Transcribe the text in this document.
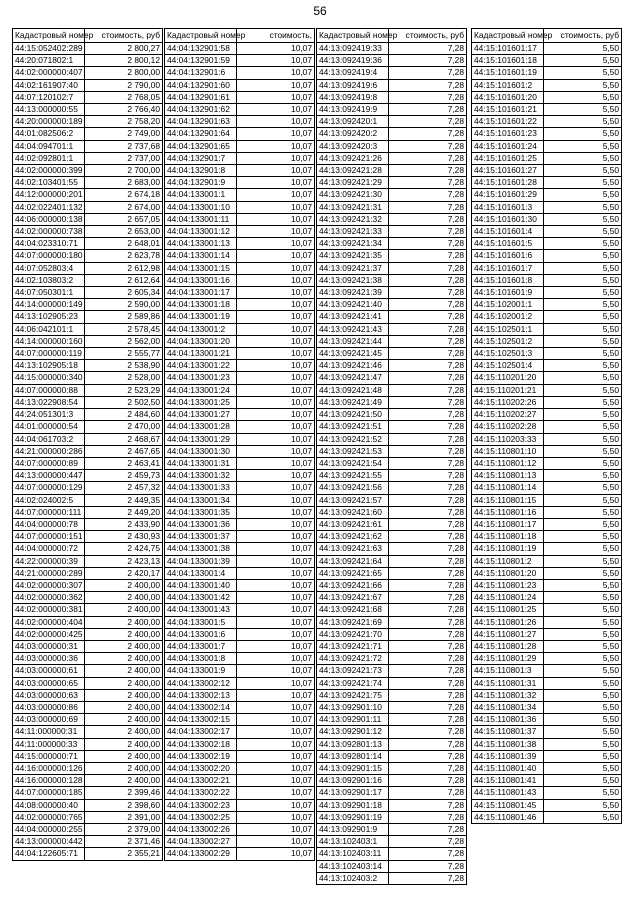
56
Кадастровый номер	стоимость, руб
44:15:052402:289	2 800,27
44:20:071802:1	2 800,12
44:02:000000:407	2 800,00
44:02:161907:40	2 790,00
44:07:120102:7	2 768,05
44:13:000000:55	2 766,40
44:20:000000:189	2 758,20
44:01:082506:2	2 749,00
44:04:094701:1	2 737,68
44:02:092801:1	2 737,00
44:02:000000:399	2 700,00
44:02:103401:55	2 683,00
44:12:000000:201	2 674,18
44:02:022401:132	2 674,00
44:06:000000:138	2 657,05
44:02:000000:738	2 653,00
44:04:023310:71	2 648,01
44:07:000000:180	2 623,78
44:07:052803:4	2 612,98
44:02:103803:2	2 612,64
44:07:050301:1	2 605,34
44:14:000000:149	2 590,00
44:13:102905:23	2 589,86
44:06:042101:1	2 578,45
44:14:000000:160	2 562,00
44:07:000000:119	2 555,77
44:13:102905:18	2 538,90
44:15:000000:340	2 528,00
44:07:000000:88	2 523,29
44:13:022908:54	2 502,50
44:24:051301:3	2 484,60
44:01:000000:54	2 470,00
44:04:061703:2	2 468,67
44:21:000000:286	2 467,65
44:07:000000:89	2 463,41
44:13:000000:447	2 459,73
44:07:000000:129	2 457,32
44:02:024002:5	2 449,35
44:07:000000:111	2 449,20
44:04:000000:78	2 433,90
44:07:000000:151	2 430,93
44:04:000000:72	2 424,75
44:22:000000:39	2 423,13
44:21:000000:289	2 420,17
44:02:000000:307	2 400,00
44:02:000000:362	2 400,00
44:02:000000:381	2 400,00
44:02:000000:404	2 400,00
44:02:000000:425	2 400,00
44:03:000000:31	2 400,00
44:03:000000:36	2 400,00
44:03:000000:61	2 400,00
44:03:000000:65	2 400,00
44:03:000000:63	2 400,00
44:03:000000:86	2 400,00
44:03:000000:69	2 400,00
44:11:000000:31	2 400,00
44:11:000000:33	2 400,00
44:15:000000:71	2 400,00
44:16:000000:126	2 400,00
44:16:000000:128	2 400,00
44:07:000000:185	2 399,46
44:08:000000:40	2 398,60
44:02:000000:765	2 391,00
44:04:000000:255	2 379,00
44:13:000000:442	2 371,46
44:04:122605:71	2 355,21
Кадастровый номер	стоимость,
44:04:132901:58	10,07
44:04:132901:59	10,07
44:04:132901:6	10,07
44:04:132901:60	10,07
44:04:132901:61	10,07
44:04:132901:62	10,07
44:04:132901:63	10,07
44:04:132901:64	10,07
44:04:132901:65	10,07
44:04:132901:7	10,07
44:04:132901:8	10,07
44:04:132901:9	10,07
44:04:133001:1	10,07
44:04:133001:10	10,07
44:04:133001:11	10,07
44:04:133001:12	10,07
44:04:133001:13	10,07
44:04:133001:14	10,07
44:04:133001:15	10,07
44:04:133001:16	10,07
44:04:133001:17	10,07
44:04:133001:18	10,07
44:04:133001:19	10,07
44:04:133001:2	10,07
44:04:133001:20	10,07
44:04:133001:21	10,07
44:04:133001:22	10,07
44:04:133001:23	10,07
44:04:133001:24	10,07
44:04:133001:25	10,07
44:04:133001:27	10,07
44:04:133001:28	10,07
44:04:133001:29	10,07
44:04:133001:30	10,07
44:04:133001:31	10,07
44:04:133001:32	10,07
44:04:133001:33	10,07
44:04:133001:34	10,07
44:04:133001:35	10,07
44:04:133001:36	10,07
44:04:133001:37	10,07
44:04:133001:38	10,07
44:04:133001:39	10,07
44:04:133001:4	10,07
44:04:133001:40	10,07
44:04:133001:42	10,07
44:04:133001:43	10,07
44:04:133001:5	10,07
44:04:133001:6	10,07
44:04:133001:7	10,07
44:04:133001:8	10,07
44:04:133001:9	10,07
44:04:133002:12	10,07
44:04:133002:13	10,07
44:04:133002:14	10,07
44:04:133002:15	10,07
44:04:133002:17	10,07
44:04:133002:18	10,07
44:04:133002:19	10,07
44:04:133002:20	10,07
44:04:133002:21	10,07
44:04:133002:22	10,07
44:04:133002:23	10,07
44:04:133002:25	10,07
44:04:133002:26	10,07
44:04:133002:27	10,07
44:04:133002:29	10,07
Кадастровый номер	стоимость, руб
44:13:092419:33	7,28
44:13:092419:36	7,28
44:13:092419:4	7,28
44:13:092419:6	7,28
44:13:092419:8	7,28
44:13:092419:9	7,28
44:13:092420:1	7,28
44:13:092420:2	7,28
44:13:092420:3	7,28
44:13:092421:26	7,28
44:13:092421:28	7,28
44:13:092421:29	7,28
44:13:092421:30	7,28
44:13:092421:31	7,28
44:13:092421:32	7,28
44:13:092421:33	7,28
44:13:092421:34	7,28
44:13:092421:35	7,28
44:13:092421:37	7,28
44:13:092421:38	7,28
44:13:092421:39	7,28
44:13:092421:40	7,28
44:13:092421:41	7,28
44:13:092421:43	7,28
44:13:092421:44	7,28
44:13:092421:45	7,28
44:13:092421:46	7,28
44:13:092421:47	7,28
44:13:092421:48	7,28
44:13:092421:49	7,28
44:13:092421:50	7,28
44:13:092421:51	7,28
44:13:092421:52	7,28
44:13:092421:53	7,28
44:13:092421:54	7,28
44:13:092421:55	7,28
44:13:092421:56	7,28
44:13:092421:57	7,28
44:13:092421:60	7,28
44:13:092421:61	7,28
44:13:092421:62	7,28
44:13:092421:63	7,28
44:13:092421:64	7,28
44:13:092421:65	7,28
44:13:092421:66	7,28
44:13:092421:67	7,28
44:13:092421:68	7,28
44:13:092421:69	7,28
44:13:092421:70	7,28
44:13:092421:71	7,28
44:13:092421:72	7,28
44:13:092421:73	7,28
44:13:092421:74	7,28
44:13:092421:75	7,28
44:13:092901:10	7,28
44:13:092901:11	7,28
44:13:092901:12	7,28
44:13:092801:13	7,28
44:13:092801:14	7,28
44:13:092901:15	7,28
44:13:092901:16	7,28
44:13:092901:17	7,28
44:13:092901:18	7,28
44:13:092901:19	7,28
44:13:092901:9	7,28
44:13:102403:1	7,28
44:13:102403:11	7,28
44:13:102403:14	7,28
44:13:102403:2	7,28
Кадастровый номер	стоимость, руб
44:15:101601:17	5,50
44:15:101601:18	5,50
44:15:101601:19	5,50
44:15:101601:2	5,50
44:15:101601:20	5,50
44:15:101601:21	5,50
44:15:101601:22	5,50
44:15:101601:23	5,50
44:15:101601:24	5,50
44:15:101601:25	5,50
44:15:101601:27	5,50
44:15:101601:28	5,50
44:15:101601:29	5,50
44:15:101601:3	5,50
44:15:101601:30	5,50
44:15:101601:4	5,50
44:15:101601:5	5,50
44:15:101601:6	5,50
44:15:101601:7	5,50
44:15:101601:8	5,50
44:15:101601:9	5,50
44:15:102001:1	5,50
44:15:102001:2	5,50
44:15:102501:1	5,50
44:15:102501:2	5,50
44:15:102501:3	5,50
44:15:102501:4	5,50
44:15:110201:20	5,50
44:15:110201:21	5,50
44:15:110202:26	5,50
44:15:110202:27	5,50
44:15:110202:28	5,50
44:15:110203:33	5,50
44:15:110801:10	5,50
44:15:110801:12	5,50
44:15:110801:13	5,50
44:15:110801:14	5,50
44:15:110801:15	5,50
44:15:110801:16	5,50
44:15:110801:17	5,50
44:15:110801:18	5,50
44:15:110801:19	5,50
44:15:110801:2	5,50
44:15:110801:20	5,50
44:15:110801:23	5,50
44:15:110801:24	5,50
44:15:110801:25	5,50
44:15:110801:26	5,50
44:15:110801:27	5,50
44:15:110801:28	5,50
44:15:110801:29	5,50
44:15:110801:3	5,50
44:15:110801:31	5,50
44:15:110801:32	5,50
44:15:110801:34	5,50
44:15:110801:36	5,50
44:15:110801:37	5,50
44:15:110801:38	5,50
44:15:110801:39	5,50
44:15:110801:40	5,50
44:15:110801:41	5,50
44:15:110801:43	5,50
44:15:110801:45	5,50
44:15:110801:46	5,50
